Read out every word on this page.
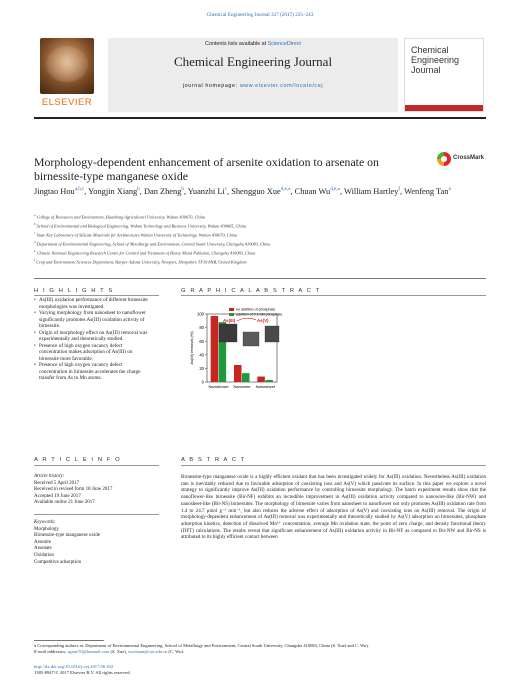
Chemical Engineering Journal 327 (2017) 235–243
ELSEVIER
Contents lists available at ScienceDirect
Chemical Engineering Journal
journal homepage: www.elsevier.com/locate/cej
Chemical
Engineering
Journal
Morphology-dependent enhancement of arsenite oxidation to arsenate on birnessite-type manganese oxide
CrossMark
Jingtao Hou$^{a,b,c}$, Yongjin Xiang$^b$, Dan Zheng$^b$, Yuanzhi Li$^c$, Shengguo Xue$^{d,e,⁎}$, Chuan $Wu^{d,e,⁎}$, William Hartley$^f$, Wenfeng Tan$^a$
$^a$ College of Resources and Environment, Huazhong Agricultural University, Wuhan 430070, China
$^b$ School of Environmental and Biological Engineering, Wuhan Technology and Business University, Wuhan 430065, China
$^c$ State Key Laboratory of Silicate Materials for Architectures Wuhan University of Technology, Wuhan 430070, China
$^d$ Department of Environmental Engineering, School of Metallurgy and Environment, Central South University, Changsha 410083, China
$^e$ Chinese National Engineering Research Centre for Control and Treatment of Heavy Metal Pollution, Changsha 410083, China
$^f$ Crop and Environment Sciences Department, Harper Adams University, Newport, Shropshire TF10 8NB, United Kingdom
H I G H L I G H T S
• As(III) oxidation performance of different birnessite morphologies was investigated.
• Varying morphology from nanosheet to nanoflower significantly promotes As(III) oxidation activity of birnessite.
• Origin of morphology effect on As(III) removal was experimentally and theoretically studied.
• Presence of high oxygen vacancy defect concentration makes adsorption of As(III) on birnessite more favorable.
• Presence of high oxygen vacancy defect concentration in birnessite accelerates the charge transfer from As to Mn atoms.
G R A P H I C A L A B S T R A C T
0
20
40
60
80
100
As(III) removal (%)
Nanoflower Nanowire Nanosheet
no addition of phosphate
addition of 0.1mM phosphate
As(III)	As(V)
A R T I C L E I N F O	A B S T R A C T
Article history:
Received 5 April 2017
Received in revised form 18 June 2017
Accepted 19 June 2017
Available online 21 June 2017
Keywords:
Morphology
Birnessite-type manganese oxide
Arsenite
Arsenate
Oxidation
Competitive adsorption
Birnessite-type manganese oxide is a highly efficient oxidant that has been investigated widely for As(III) oxidation. Nevertheless As(III) oxidation rate is inevitably reduced due to favorable adsorption of coexisting ions and As(V) which passivate its surface. In this paper we explore a novel strategy to significantly improve As(III) oxidation performance by controlling birnessite morphology. The batch experiment results show that the nanoflower-like birnessite (Bir-NF) exhibits an incredible improvement in As(III) oxidation activity compared to nanowire-like (Bir-NW) and nanosheet-like (Bir-NS) birnessites. The morphology of birnessite varies from nanosheet to nanoflower not only promotes As(III) oxidation rate from 1.4 to 24.7 μmol g⁻¹ min⁻¹, but also reduces the adverse effect of adsorption of As(V) and coexisting ions on As(III) removal. The origin of morphology-dependent enhancement of As(III) removal was experimentally and theoretically studied by As(V) adsorption on birnessites, phosphate adsorption kinetics, detection of dissolved Mn²⁺ concentration, average Mn oxidation state, the point of zero charge, and density functional theory (DFT) calculations. The results reveal that significant enhancement of As(III) oxidation activity in Bir-NF as compared to Bir-NW and Bir-NS is attributed to its highly efficient contact between
⁎ Corresponding authors at: Department of Environmental Engineering, School of Metallurgy and Environment, Central South University, Changsha 410083, China (S. Xue) and C. Wu).
E-mail addresses: sgxue70@hotmail.com (S. Xue), wuchuan@csu.edu.cn (C. Wu).
http://dx.doi.org/10.1016/j.cej.2017.06.102
1385-8947/© 2017 Elsevier B.V. All rights reserved.
